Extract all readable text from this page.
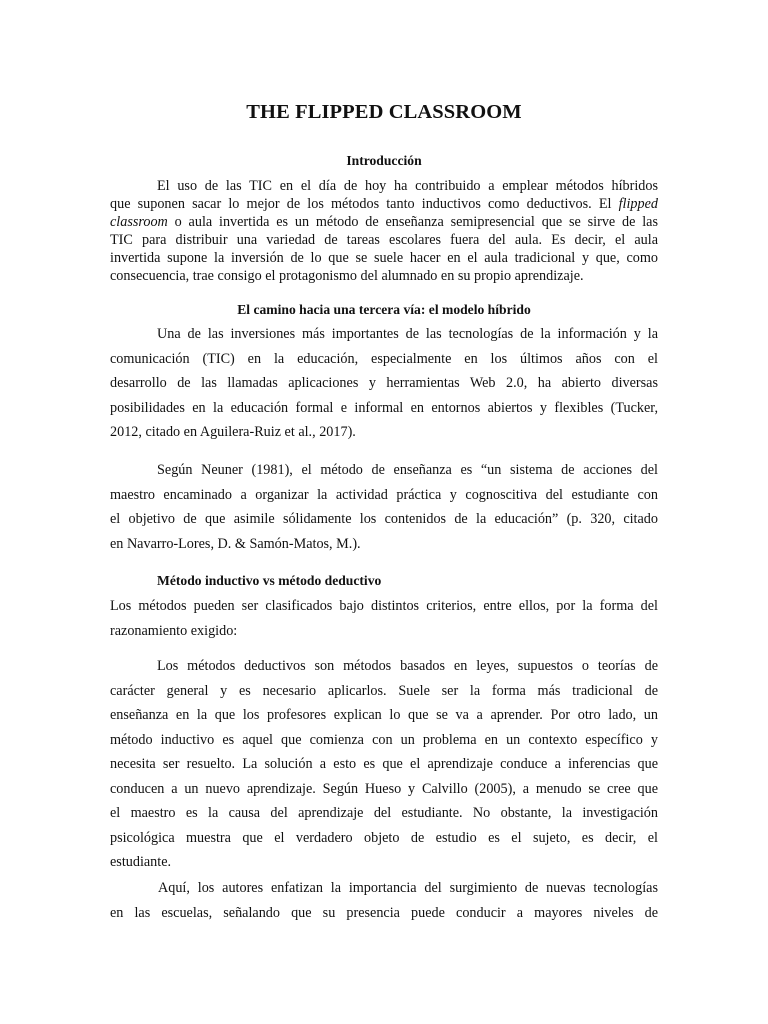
THE FLIPPED CLASSROOM
Introducción
El uso de las TIC en el día de hoy ha contribuido a emplear métodos híbridos
que suponen sacar lo mejor de los métodos tanto inductivos como deductivos. El flipped
classroom o aula invertida es un método de enseñanza semipresencial que se sirve de las
TIC para distribuir una variedad de tareas escolares fuera del aula. Es decir, el aula
invertida supone la inversión de lo que se suele hacer en el aula tradicional y que, como
consecuencia, trae consigo el protagonismo del alumnado en su propio aprendizaje.
El camino hacia una tercera vía: el modelo híbrido
Una de las inversiones más importantes de las tecnologías de la información y la
comunicación (TIC) en la educación, especialmente en los últimos años con el
desarrollo de las llamadas aplicaciones y herramientas Web 2.0, ha abierto diversas
posibilidades en la educación formal e informal en entornos abiertos y flexibles (Tucker,
2012, citado en Aguilera-Ruiz et al., 2017).
Según Neuner (1981), el método de enseñanza es “un sistema de acciones del
maestro encaminado a organizar la actividad práctica y cognoscitiva del estudiante con
el objetivo de que asimile sólidamente los contenidos de la educación” (p. 320, citado
en Navarro-Lores, D. & Samón-Matos, M.).
Método inductivo vs método deductivo
Los métodos pueden ser clasificados bajo distintos criterios, entre ellos, por la forma del
razonamiento exigido:
Los métodos deductivos son métodos basados en leyes, supuestos o teorías de
carácter general y es necesario aplicarlos. Suele ser la forma más tradicional de
enseñanza en la que los profesores explican lo que se va a aprender. Por otro lado, un
método inductivo es aquel que comienza con un problema en un contexto específico y
necesita ser resuelto. La solución a esto es que el aprendizaje conduce a inferencias que
conducen a un nuevo aprendizaje. Según Hueso y Calvillo (2005), a menudo se cree que
el maestro es la causa del aprendizaje del estudiante. No obstante, la investigación
psicológica muestra que el verdadero objeto de estudio es el sujeto, es decir, el
estudiante.
Aquí, los autores enfatizan la importancia del surgimiento de nuevas tecnologías
en las escuelas, señalando que su presencia puede conducir a mayores niveles de
